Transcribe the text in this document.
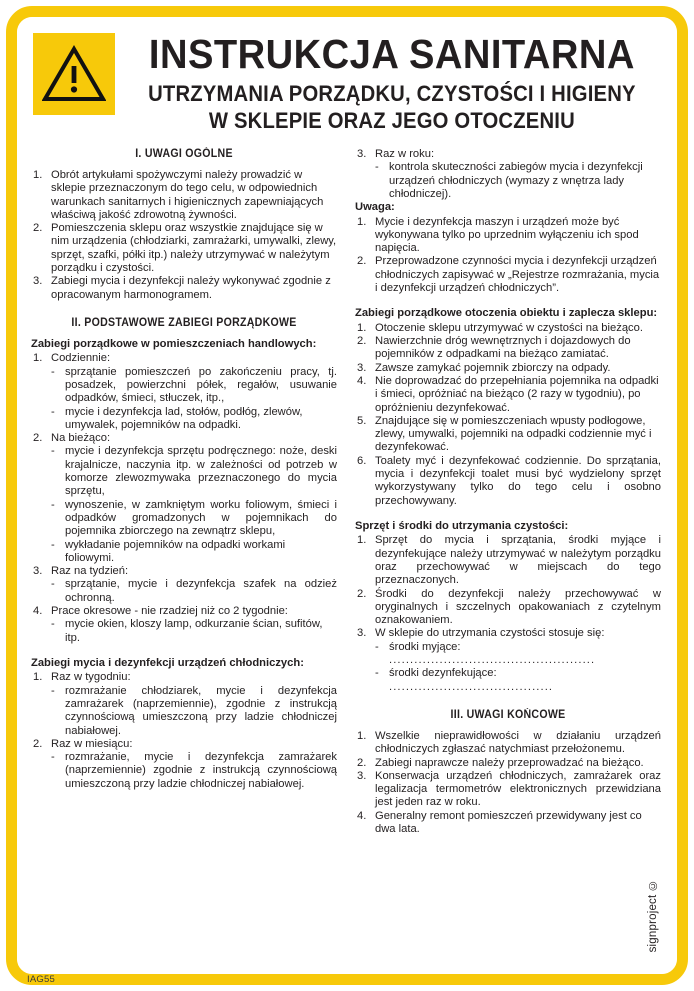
INSTRUKCJA SANITARNA
UTRZYMANIA PORZĄDKU, CZYSTOŚCI I HIGIENY
W SKLEPIE ORAZ JEGO OTOCZENIU
I. UWAGI OGÓLNE
1. Obrót artykułami spożywczymi należy prowadzić w sklepie przeznaczonym do tego celu, w odpowiednich warunkach sanitarnych i higienicznych zapewniających właściwą jakość zdrowotną żywności.
2. Pomieszczenia sklepu oraz wszystkie znajdujące się w nim urządzenia (chłodziarki, zamrażarki, umywalki, zlewy, sprzęt, szafki, półki itp.) należy utrzymywać w należytym porządku i czystości.
3. Zabiegi mycia i dezynfekcji należy wykonywać zgodnie z opracowanym harmonogramem.
II. PODSTAWOWE ZABIEGI PORZĄDKOWE
Zabiegi porządkowe w pomieszczeniach handlowych:
1. Codziennie:
- sprzątanie pomieszczeń po zakończeniu pracy, tj. posadzek, powierzchni półek, regałów, usuwanie odpadków, śmieci, stłuczek, itp.,
- mycie i dezynfekcja lad, stołów, podłóg, zlewów, umywalek, pojemników na odpadki.
2. Na bieżąco:
- mycie i dezynfekcja sprzętu podręcznego: noże, deski krajalnicze, naczynia itp. w zależności od potrzeb w komorze zlewozmywaka przeznaczonego do mycia sprzętu,
- wynoszenie, w zamkniętym worku foliowym, śmieci i odpadków gromadzonych w pojemnikach do pojemnika zbiorczego na zewnątrz sklepu,
- wykładanie pojemników na odpadki workami foliowymi.
3. Raz na tydzień:
- sprzątanie, mycie i dezynfekcja szafek na odzież ochronną.
4. Prace okresowe - nie rzadziej niż co 2 tygodnie:
- mycie okien, kloszy lamp, odkurzanie ścian, sufitów, itp.
Zabiegi mycia i dezynfekcji urządzeń chłodniczych:
1. Raz w tygodniu:
- rozmrażanie chłodziarek, mycie i dezynfekcja zamrażarek (naprzemiennie), zgodnie z instrukcją czynnościową umieszczoną przy ladzie chłodniczej nabiałowej.
2. Raz w miesiącu:
- rozmrażanie, mycie i dezynfekcja zamrażarek (naprzemiennie) zgodnie z instrukcją czynnościową umieszczoną przy ladzie chłodniczej nabiałowej.
3. Raz w roku:
- kontrola skuteczności zabiegów mycia i dezynfekcji urządzeń chłodniczych (wymazy z wnętrza lady chłodniczej).
Uwaga:
1. Mycie i dezynfekcja maszyn i urządzeń może być wykonywana tylko po uprzednim wyłączeniu ich spod napięcia.
2. Przeprowadzone czynności mycia i dezynfekcji urządzeń chłodniczych zapisywać w „Rejestrze rozmrażania, mycia i dezynfekcji urządzeń chłodniczych”.
Zabiegi porządkowe otoczenia obiektu i zaplecza sklepu:
1. Otoczenie sklepu utrzymywać w czystości na bieżąco.
2. Nawierzchnie dróg wewnętrznych i dojazdowych do pojemników z odpadkami na bieżąco zamiatać.
3. Zawsze zamykać pojemnik zbiorczy na odpady.
4. Nie doprowadzać do przepełniania pojemnika na odpadki i śmieci, opróżniać na bieżąco (2 razy w tygodniu), po opróżnieniu dezynfekować.
5. Znajdujące się w pomieszczeniach wpusty podłogowe, zlewy, umywalki, pojemniki na odpadki codziennie myć i dezynfekować.
6. Toalety myć i dezynfekować codziennie. Do sprzątania, mycia i dezynfekcji toalet musi być wydzielony sprzęt wykorzystywany tylko do tego celu i osobno przechowywany.
Sprzęt i środki do utrzymania czystości:
1. Sprzęt do mycia i sprzątania, środki myjące i dezynfekujące należy utrzymywać w należytym porządku oraz przechowywać w miejscach do tego przeznaczonych.
2. Środki do dezynfekcji należy przechowywać w oryginalnych i szczelnych opakowaniach z czytelnym oznakowaniem.
3. W sklepie do utrzymania czystości stosuje się:
- środki myjące: .................................................
- środki dezynfekujące: .......................................
III. UWAGI KOŃCOWE
1. Wszelkie nieprawidłowości w działaniu urządzeń chłodniczych zgłaszać natychmiast przełożonemu.
2. Zabiegi naprawcze należy przeprowadzać na bieżąco.
3. Konserwacja urządzeń chłodniczych, zamrażarek oraz legalizacja termometrów elektronicznych przewidziana jest jeden raz w roku.
4. Generalny remont pomieszczeń przewidywany jest co dwa lata.
signproject ©
IAG55
